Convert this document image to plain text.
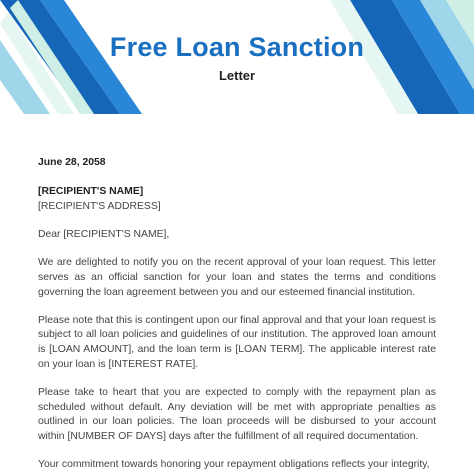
Free Loan Sanction
Letter
June 28, 2058
[RECIPIENT'S NAME]
[RECIPIENT'S ADDRESS]
Dear [RECIPIENT'S NAME],

We are delighted to notify you on the recent approval of your loan request. This letter serves as an official sanction for your loan and states the terms and conditions governing the loan agreement between you and our esteemed financial institution.

Please note that this is contingent upon our final approval and that your loan request is subject to all loan policies and guidelines of our institution. The approved loan amount is [LOAN AMOUNT], and the loan term is [LOAN TERM]. The applicable interest rate on your loan is [INTEREST RATE].

Please take to heart that you are expected to comply with the repayment plan as scheduled without default. Any deviation will be met with appropriate penalties as outlined in our loan policies. The loan proceeds will be disbursed to your account within [NUMBER OF DAYS] days after the fulfillment of all required documentation.

Your commitment towards honoring your repayment obligations reflects your integrity,
